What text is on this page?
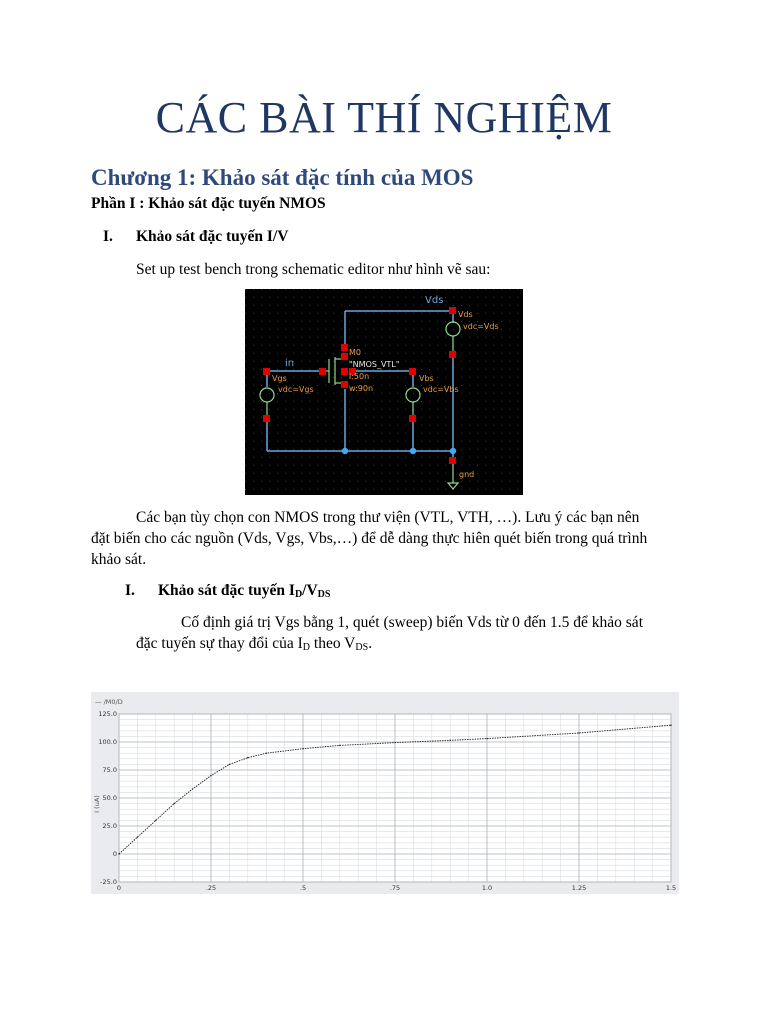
CÁC BÀI THÍ NGHIỆM
Chương 1: Khảo sát đặc tính của MOS
Phần I : Khảo sát đặc tuyến NMOS
I. Khảo sát đặc tuyến I/V
Set up test bench trong schematic editor như hình vẽ sau:
Vds
in
M0
"NMOS_VTL"
l:50n
w:90n
Vgs
vdc=Vgs
Vbs
vdc=Vbs
Vds
vdc=Vds
gnd
Các bạn tùy chọn con NMOS trong thư viện (VTL, VTH, …). Lưu ý các bạn nên
đặt biến cho các nguồn (Vds, Vgs, Vbs,…) để dễ dàng thực hiên quét biến trong quá trình
khảo sát.
I. Khảo sát đặc tuyến $I_D/V_{DS}$
Cố định giá trị Vgs bằng 1, quét (sweep) biến Vds từ 0 đến 1.5 để khảo sát
đặc tuyến sự thay đổi của $I_D$ theo $V_{DS}$.
0	.25	.5	.75	1.0	1.25	1.5
125.0
100.0
75.0
50.0
25.0
0
-25.0
— /M0/D
I (uA)
